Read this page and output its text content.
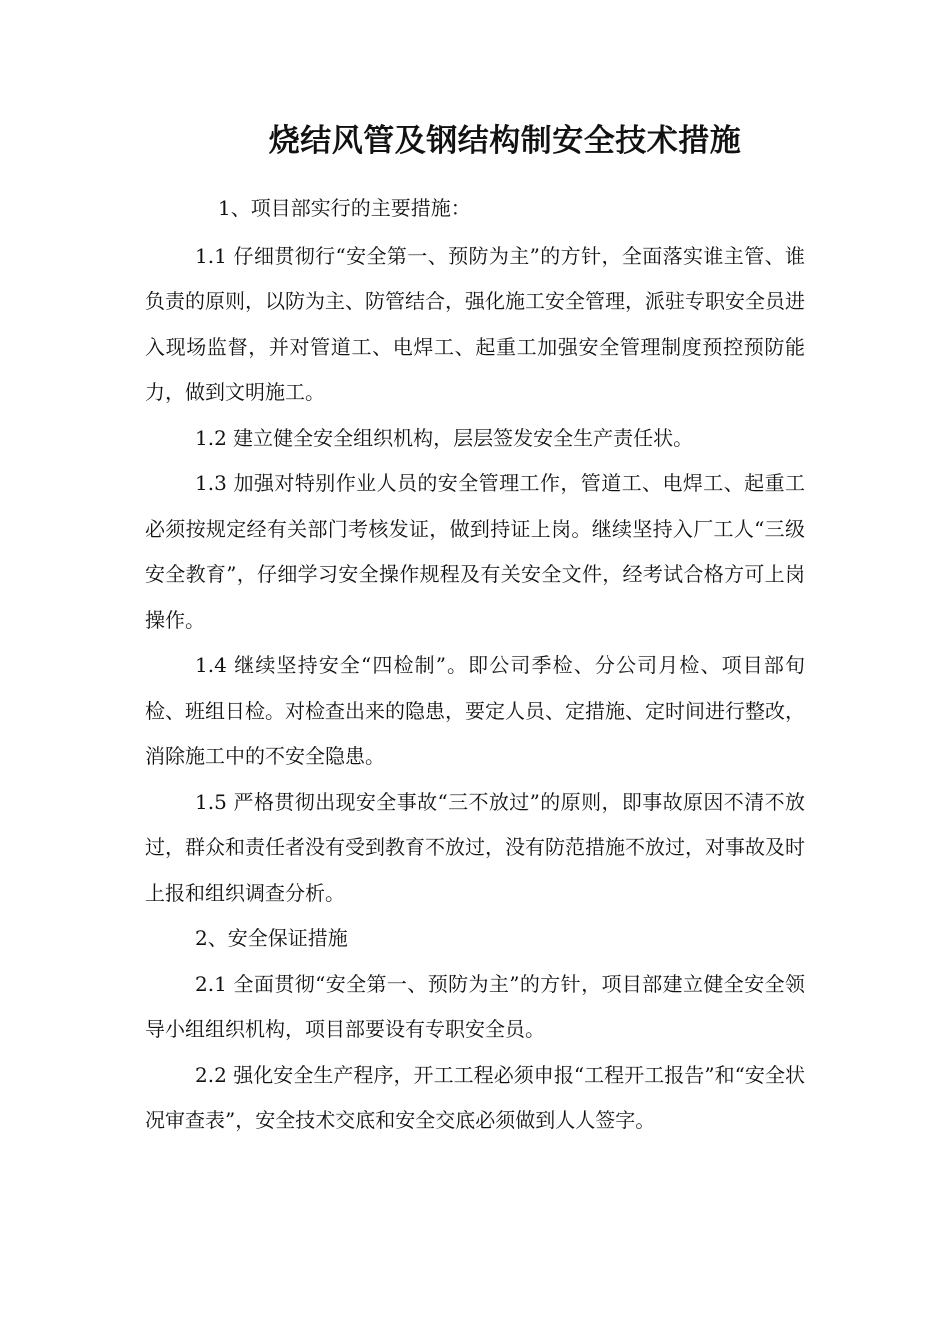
烧结风管及钢结构制安全技术措施

1、项目部实行的主要措施：

1.1 仔细贯彻行“安全第一、预防为主”的方针，全面落实谁主管、谁负责的原则，以防为主、防管结合，强化施工安全管理，派驻专职安全员进入现场监督，并对管道工、电焊工、起重工加强安全管理制度预控预防能力，做到文明施工。

1.2 建立健全安全组织机构，层层签发安全生产责任状。

1.3 加强对特别作业人员的安全管理工作，管道工、电焊工、起重工必须按规定经有关部门考核发证，做到持证上岗。继续坚持入厂工人“三级安全教育”，仔细学习安全操作规程及有关安全文件，经考试合格方可上岗操作。

1.4 继续坚持安全“四检制”。即公司季检、分公司月检、项目部旬检、班组日检。对检查出来的隐患，要定人员、定措施、定时间进行整改，消除施工中的不安全隐患。

1.5 严格贯彻出现安全事故“三不放过”的原则，即事故原因不清不放过，群众和责任者没有受到教育不放过，没有防范措施不放过，对事故及时上报和组织调查分析。

2、安全保证措施

2.1 全面贯彻“安全第一、预防为主”的方针，项目部建立健全安全领导小组组织机构，项目部要设有专职安全员。

2.2 强化安全生产程序，开工工程必须申报“工程开工报告”和“安全状况审查表”，安全技术交底和安全交底必须做到人人签字。
